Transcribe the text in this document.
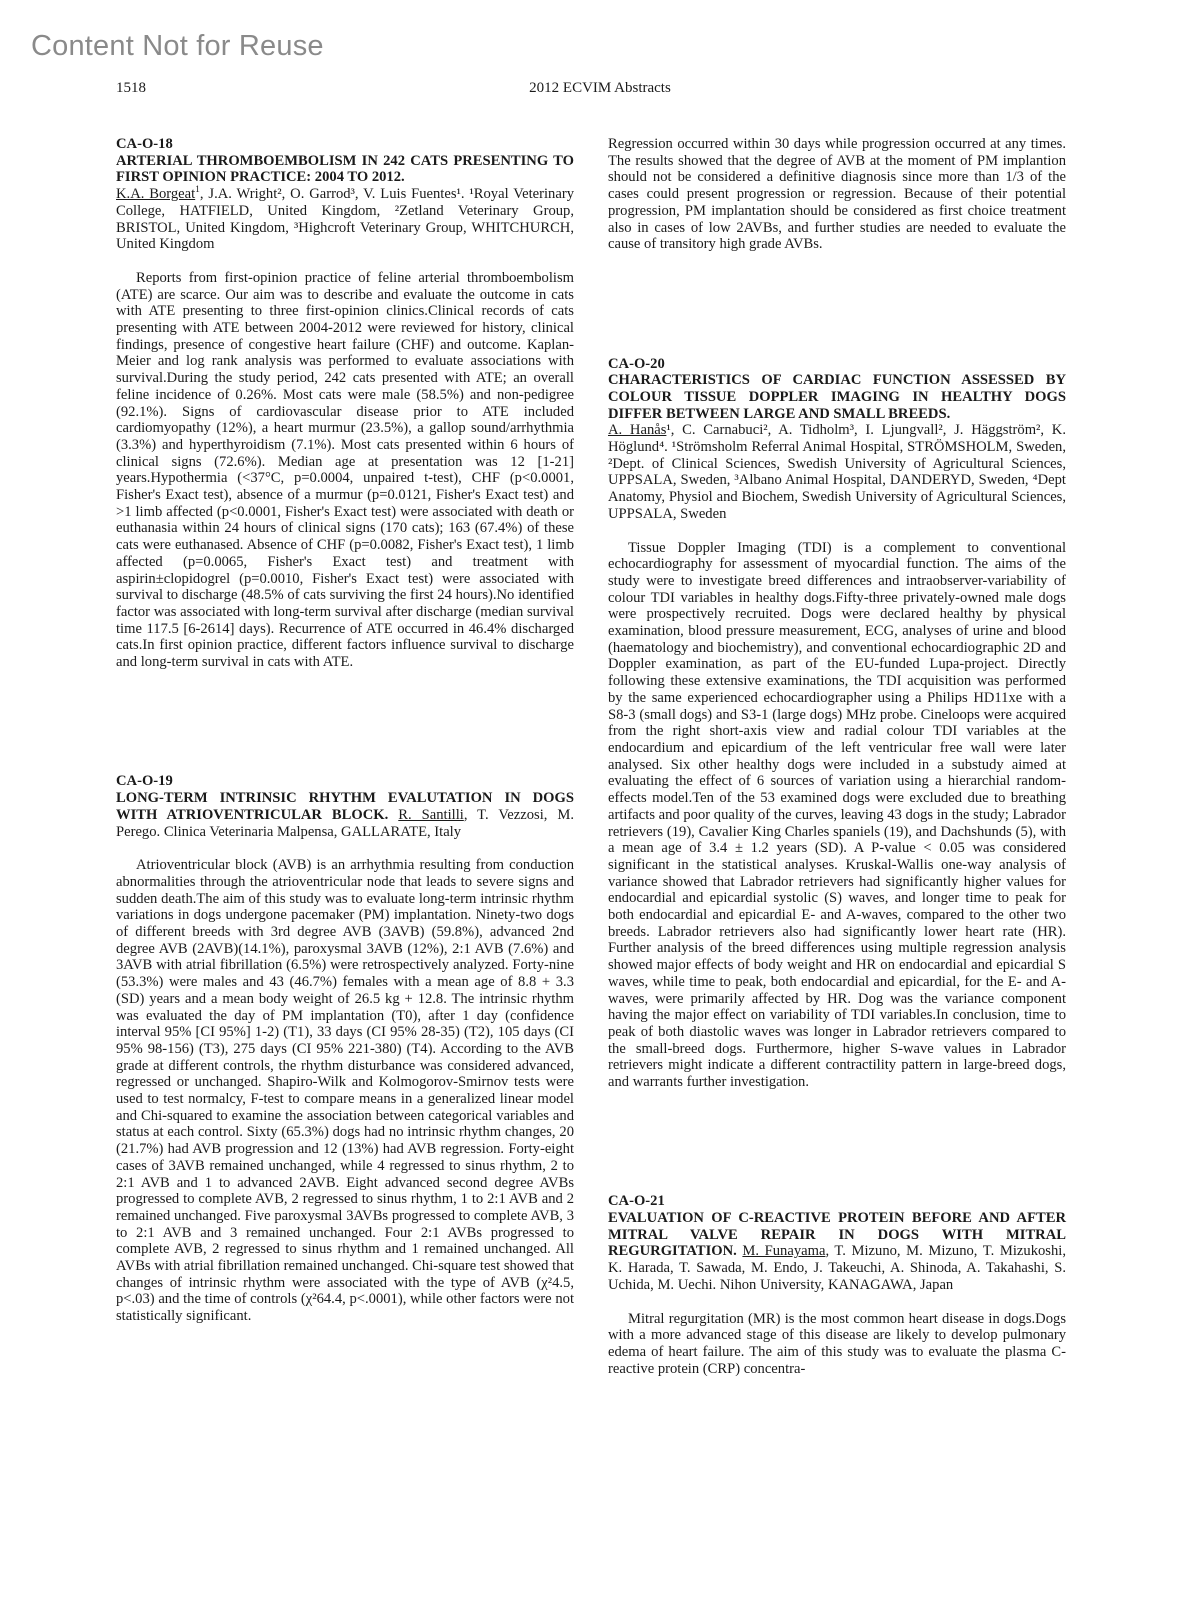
Content Not for Reuse
1518	2012 ECVIM Abstracts
CA-O-18
ARTERIAL THROMBOEMBOLISM IN 242 CATS PRESENTING TO FIRST OPINION PRACTICE: 2004 TO 2012.
K.A. Borgeat$^1$, J.A. Wright², O. Garrod³, V. Luis Fuentes¹. ¹Royal Veterinary College, HATFIELD, United Kingdom, ²Zetland Veterinary Group, BRISTOL, United Kingdom, ³Highcroft Veterinary Group, WHITCHURCH, United Kingdom

Reports from first-opinion practice of feline arterial thromboembolism (ATE) are scarce. Our aim was to describe and evaluate the outcome in cats with ATE presenting to three first-opinion clinics.Clinical records of cats presenting with ATE between 2004-2012 were reviewed for history, clinical findings, presence of congestive heart failure (CHF) and outcome. Kaplan-Meier and log rank analysis was performed to evaluate associations with survival.During the study period, 242 cats presented with ATE; an overall feline incidence of 0.26%. Most cats were male (58.5%) and non-pedigree (92.1%). Signs of cardiovascular disease prior to ATE included cardiomyopathy (12%), a heart murmur (23.5%), a gallop sound/arrhythmia (3.3%) and hyperthyroidism (7.1%). Most cats presented within 6 hours of clinical signs (72.6%). Median age at presentation was 12 [1-21] years.Hypothermia (<37°C, p=0.0004, unpaired t-test), CHF (p<0.0001, Fisher's Exact test), absence of a murmur (p=0.0121, Fisher's Exact test) and >1 limb affected (p<0.0001, Fisher's Exact test) were associated with death or euthanasia within 24 hours of clinical signs (170 cats); 163 (67.4%) of these cats were euthanased. Absence of CHF (p=0.0082, Fisher's Exact test), 1 limb affected (p=0.0065, Fisher's Exact test) and treatment with aspirin±clopidogrel (p=0.0010, Fisher's Exact test) were associated with survival to discharge (48.5% of cats surviving the first 24 hours).No identified factor was associated with long-term survival after discharge (median survival time 117.5 [6-2614] days). Recurrence of ATE occurred in 46.4% discharged cats.In first opinion practice, different factors influence survival to discharge and long-term survival in cats with ATE.

CA-O-19
LONG-TERM INTRINSIC RHYTHM EVALUTATION IN DOGS WITH ATRIOVENTRICULAR BLOCK. R. Santilli, T. Vezzosi, M. Perego. Clinica Veterinaria Malpensa, GALLARATE, Italy

Atrioventricular block (AVB) is an arrhythmia resulting from conduction abnormalities through the atrioventricular node that leads to severe signs and sudden death.The aim of this study was to evaluate long-term intrinsic rhythm variations in dogs undergone pacemaker (PM) implantation. Ninety-two dogs of different breeds with 3rd degree AVB (3AVB) (59.8%), advanced 2nd degree AVB (2AVB)(14.1%), paroxysmal 3AVB (12%), 2:1 AVB (7.6%) and 3AVB with atrial fibrillation (6.5%) were retrospectively analyzed. Forty-nine (53.3%) were males and 43 (46.7%) females with a mean age of 8.8 + 3.3 (SD) years and a mean body weight of 26.5 kg + 12.8. The intrinsic rhythm was evaluated the day of PM implantation (T0), after 1 day (confidence interval 95% [CI 95%] 1-2) (T1), 33 days (CI 95% 28-35) (T2), 105 days (CI 95% 98-156) (T3), 275 days (CI 95% 221-380) (T4). According to the AVB grade at different controls, the rhythm disturbance was considered advanced, regressed or unchanged. Shapiro-Wilk and Kolmogorov-Smirnov tests were used to test normalcy, F-test to compare means in a generalized linear model and Chi-squared to examine the association between categorical variables and status at each control. Sixty (65.3%) dogs had no intrinsic rhythm changes, 20 (21.7%) had AVB progression and 12 (13%) had AVB regression. Forty-eight cases of 3AVB remained unchanged, while 4 regressed to sinus rhythm, 2 to 2:1 AVB and 1 to advanced 2AVB. Eight advanced second degree AVBs progressed to complete AVB, 2 regressed to sinus rhythm, 1 to 2:1 AVB and 2 remained unchanged. Five paroxysmal 3AVBs progressed to complete AVB, 3 to 2:1 AVB and 3 remained unchanged. Four 2:1 AVBs progressed to complete AVB, 2 regressed to sinus rhythm and 1 remained unchanged. All AVBs with atrial fibrillation remained unchanged. Chi-square test showed that changes of intrinsic rhythm were associated with the type of AVB (χ²4.5, p<.03) and the time of controls (χ²64.4, p<.0001), while other factors were not statistically significant.

Regression occurred within 30 days while progression occurred at any times. The results showed that the degree of AVB at the moment of PM implantion should not be considered a definitive diagnosis since more than 1/3 of the cases could present progression or regression. Because of their potential progression, PM implantation should be considered as first choice treatment also in cases of low 2AVBs, and further studies are needed to evaluate the cause of transitory high grade AVBs.

CA-O-20
CHARACTERISTICS OF CARDIAC FUNCTION ASSESSED BY COLOUR TISSUE DOPPLER IMAGING IN HEALTHY DOGS DIFFER BETWEEN LARGE AND SMALL BREEDS.
A. Hanås¹, C. Carnabuci², A. Tidholm³, I. Ljungvall², J. Häggström², K. Höglund⁴. ¹Strömsholm Referral Animal Hospital, STRÖMSHOLM, Sweden, ²Dept. of Clinical Sciences, Swedish University of Agricultural Sciences, UPPSALA, Sweden, ³Albano Animal Hospital, DANDERYD, Sweden, ⁴Dept Anatomy, Physiol and Biochem, Swedish University of Agricultural Sciences, UPPSALA, Sweden

Tissue Doppler Imaging (TDI) is a complement to conventional echocardiography for assessment of myocardial function. The aims of the study were to investigate breed differences and intraobserver-variability of colour TDI variables in healthy dogs.Fifty-three privately-owned male dogs were prospectively recruited. Dogs were declared healthy by physical examination, blood pressure measurement, ECG, analyses of urine and blood (haematology and biochemistry), and conventional echocardiographic 2D and Doppler examination, as part of the EU-funded Lupa-project. Directly following these extensive examinations, the TDI acquisition was performed by the same experienced echocardiographer using a Philips HD11xe with a S8-3 (small dogs) and S3-1 (large dogs) MHz probe. Cineloops were acquired from the right short-axis view and radial colour TDI variables at the endocardium and epicardium of the left ventricular free wall were later analysed. Six other healthy dogs were included in a substudy aimed at evaluating the effect of 6 sources of variation using a hierarchial random-effects model.Ten of the 53 examined dogs were excluded due to breathing artifacts and poor quality of the curves, leaving 43 dogs in the study; Labrador retrievers (19), Cavalier King Charles spaniels (19), and Dachshunds (5), with a mean age of 3.4 ± 1.2 years (SD). A P-value < 0.05 was considered significant in the statistical analyses. Kruskal-Wallis one-way analysis of variance showed that Labrador retrievers had significantly higher values for endocardial and epicardial systolic (S) waves, and longer time to peak for both endocardial and epicardial E- and A-waves, compared to the other two breeds. Labrador retrievers also had significantly lower heart rate (HR). Further analysis of the breed differences using multiple regression analysis showed major effects of body weight and HR on endocardial and epicardial S waves, while time to peak, both endocardial and epicardial, for the E- and A-waves, were primarily affected by HR. Dog was the variance component having the major effect on variability of TDI variables.In conclusion, time to peak of both diastolic waves was longer in Labrador retrievers compared to the small-breed dogs. Furthermore, higher S-wave values in Labrador retrievers might indicate a different contractility pattern in large-breed dogs, and warrants further investigation.

CA-O-21
EVALUATION OF C-REACTIVE PROTEIN BEFORE AND AFTER MITRAL VALVE REPAIR IN DOGS WITH MITRAL REGURGITATION. M. Funayama, T. Mizuno, M. Mizuno, T. Mizukoshi, K. Harada, T. Sawada, M. Endo, J. Takeuchi, A. Shinoda, A. Takahashi, S. Uchida, M. Uechi. Nihon University, KANAGAWA, Japan

Mitral regurgitation (MR) is the most common heart disease in dogs.Dogs with a more advanced stage of this disease are likely to develop pulmonary edema of heart failure. The aim of this study was to evaluate the plasma C-reactive protein (CRP) concentra-
